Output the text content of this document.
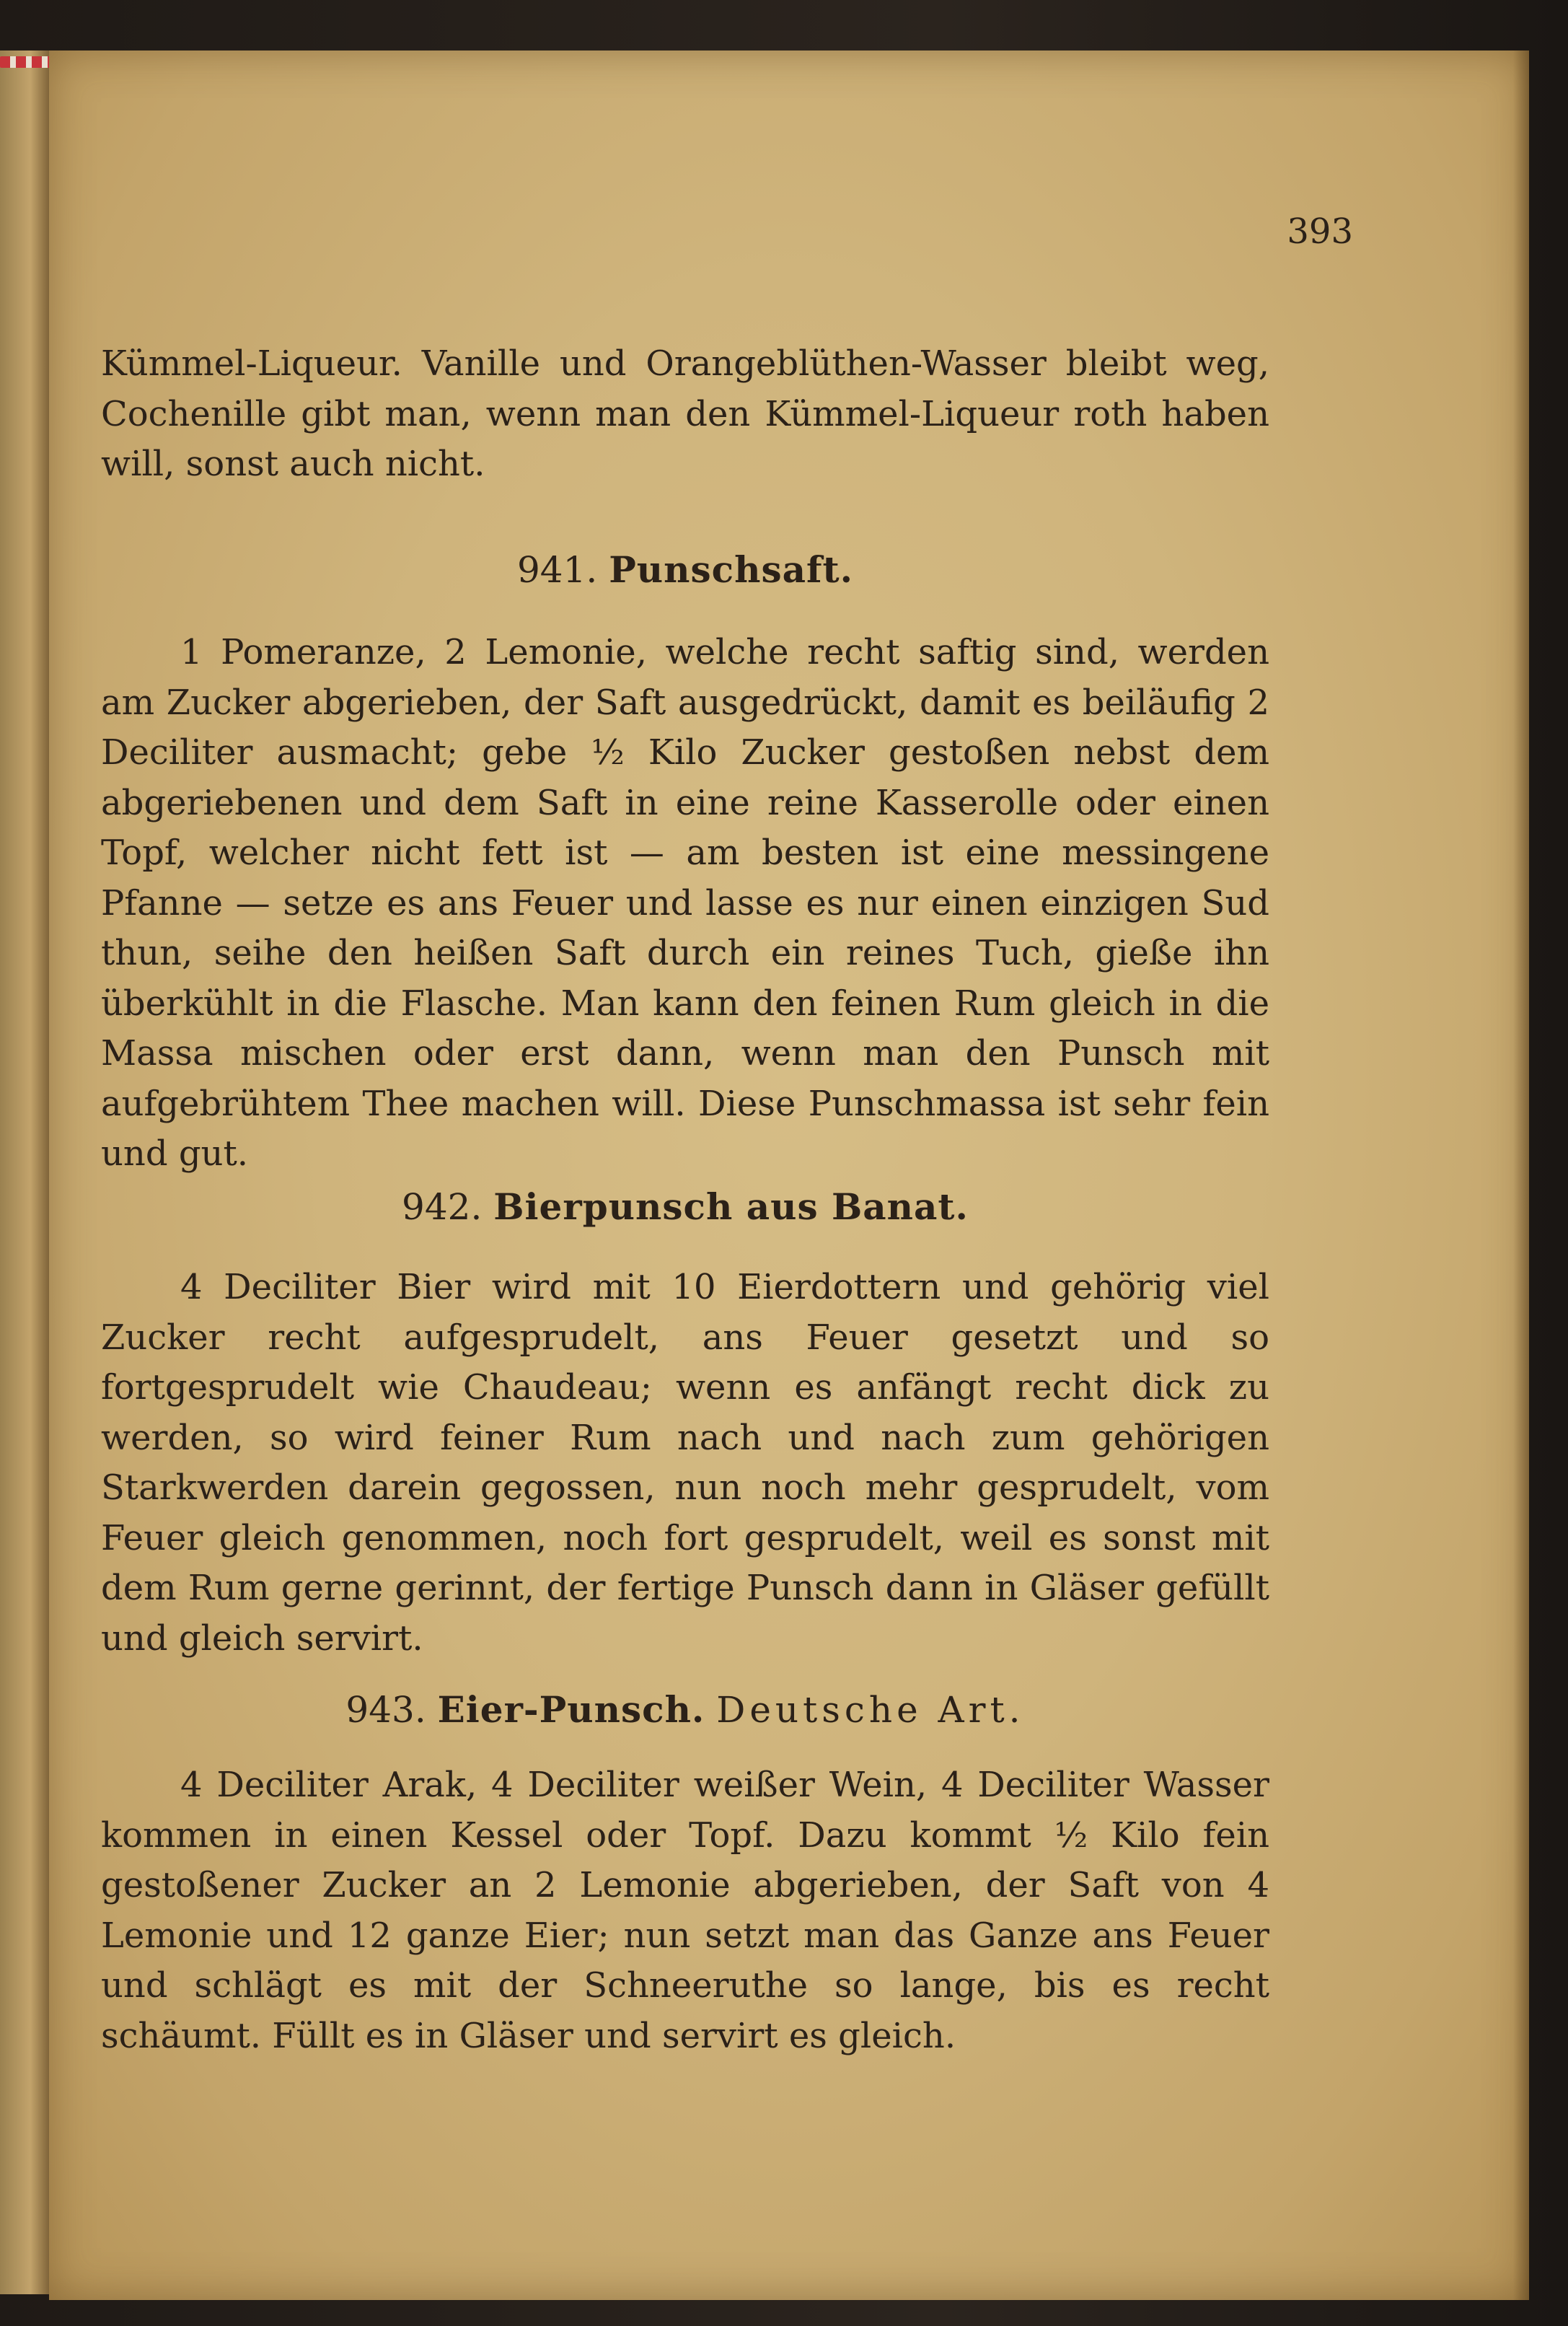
393

Kümmel-Liqueur. Vanille und Orangeblüthen-Wasser bleibt weg, Cochenille gibt man, wenn man den Kümmel-Liqueur roth haben will, sonst auch nicht.

941. Punschsaft.

1 Pomeranze, 2 Lemonie, welche recht saftig sind, werden am Zucker abgerieben, der Saft ausgedrückt, damit es beiläufig 2 Deciliter ausmacht; gebe ½ Kilo Zucker gestoßen nebst dem abgeriebenen und dem Saft in eine reine Kasserolle oder einen Topf, welcher nicht fett ist — am besten ist eine messingene Pfanne — setze es ans Feuer und lasse es nur einen einzigen Sud thun, seihe den heißen Saft durch ein reines Tuch, gieße ihn überkühlt in die Flasche. Man kann den feinen Rum gleich in die Massa mischen oder erst dann, wenn man den Punsch mit aufgebrühtem Thee machen will. Diese Punschmassa ist sehr fein und gut.

942. Bierpunsch aus Banat.

4 Deciliter Bier wird mit 10 Eierdottern und gehörig viel Zucker recht aufgesprudelt, ans Feuer gesetzt und so fortgesprudelt wie Chaudeau; wenn es anfängt recht dick zu werden, so wird feiner Rum nach und nach zum gehörigen Starkwerden darein gegossen, nun noch mehr gesprudelt, vom Feuer gleich genommen, noch fort gesprudelt, weil es sonst mit dem Rum gerne gerinnt, der fertige Punsch dann in Gläser gefüllt und gleich servirt.

943. Eier-Punsch. Deutsche Art.

4 Deciliter Arak, 4 Deciliter weißer Wein, 4 Deciliter Wasser kommen in einen Kessel oder Topf. Dazu kommt ½ Kilo fein gestoßener Zucker an 2 Lemonie abgerieben, der Saft von 4 Lemonie und 12 ganze Eier; nun setzt man das Ganze ans Feuer und schlägt es mit der Schneeruthe so lange, bis es recht schäumt. Füllt es in Gläser und servirt es gleich.
